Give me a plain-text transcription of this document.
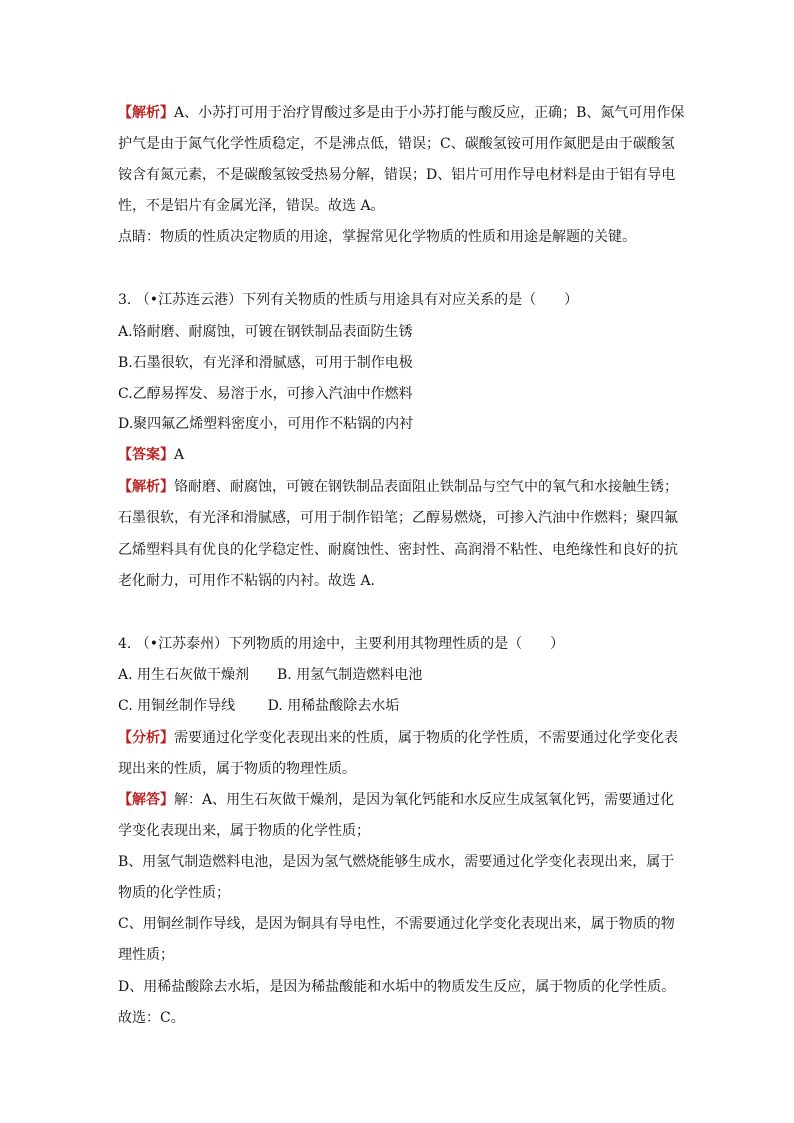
【解析】A、小苏打可用于治疗胃酸过多是由于小苏打能与酸反应，正确；B、氮气可用作保
护气是由于氮气化学性质稳定，不是沸点低，错误；C、碳酸氢铵可用作氮肥是由于碳酸氢
铵含有氮元素，不是碳酸氢铵受热易分解，错误；D、铝片可用作导电材料是由于铝有导电
性，不是铝片有金属光泽，错误。故选 A。
点睛：物质的性质决定物质的用途，掌握常见化学物质的性质和用途是解题的关键。
3. （•江苏连云港）下列有关物质的性质与用途具有对应关系的是（　　）
A.铬耐磨、耐腐蚀，可镀在钢铁制品表面防生锈
B.石墨很软，有光泽和滑腻感，可用于制作电极
C.乙醇易挥发、易溶于水，可掺入汽油中作燃料
D.聚四氟乙烯塑料密度小，可用作不粘锅的内衬
【答案】A
【解析】铬耐磨、耐腐蚀，可镀在钢铁制品表面阻止铁制品与空气中的氧气和水接触生锈；
石墨很软，有光泽和滑腻感，可用于制作铅笔；乙醇易燃烧，可掺入汽油中作燃料；聚四氟
乙烯塑料具有优良的化学稳定性、耐腐蚀性、密封性、高润滑不粘性、电绝缘性和良好的抗
老化耐力，可用作不粘锅的内衬。故选 A.
4. （•江苏泰州）下列物质的用途中，主要利用其物理性质的是（　　）
A. 用生石灰做干燥剂　　B. 用氢气制造燃料电池
C. 用铜丝制作导线　　 D. 用稀盐酸除去水垢
【分析】需要通过化学变化表现出来的性质，属于物质的化学性质，不需要通过化学变化表
现出来的性质，属于物质的物理性质。
【解答】解：A、用生石灰做干燥剂，是因为氧化钙能和水反应生成氢氧化钙，需要通过化
学变化表现出来，属于物质的化学性质；
B、用氢气制造燃料电池，是因为氢气燃烧能够生成水，需要通过化学变化表现出来，属于
物质的化学性质；
C、用铜丝制作导线，是因为铜具有导电性，不需要通过化学变化表现出来，属于物质的物
理性质；
D、用稀盐酸除去水垢，是因为稀盐酸能和水垢中的物质发生反应，属于物质的化学性质。
故选：C。
